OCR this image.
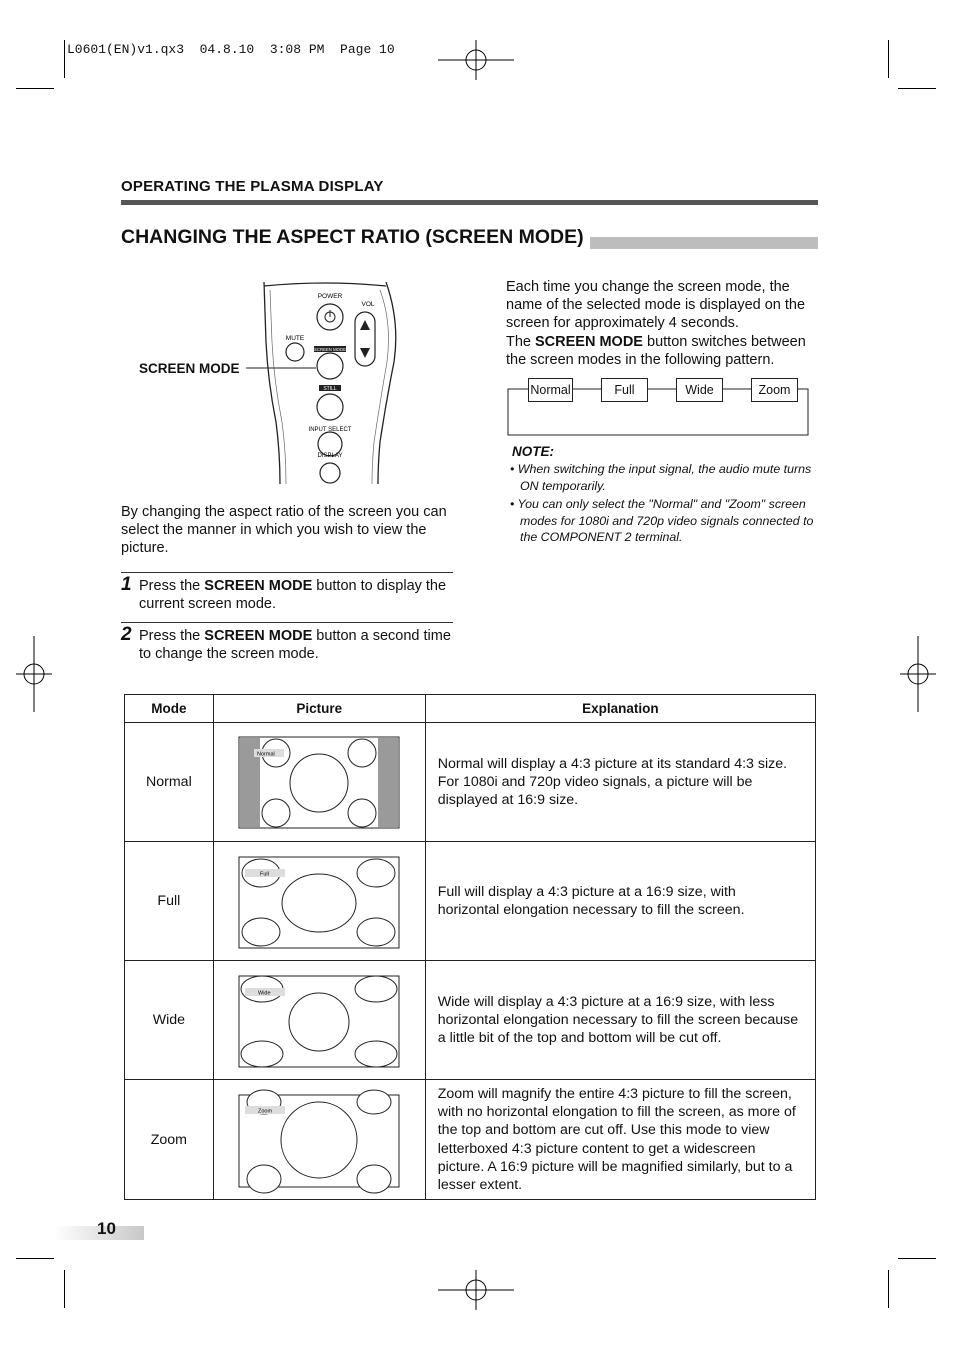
L0601(EN)v1.qx3  04.8.10  3:08 PM  Page 10
OPERATING THE PLASMA DISPLAY
CHANGING THE ASPECT RATIO (SCREEN MODE)
POWER
VOL
MUTE
SCREEN MODE
STILL
INPUT SELECT
DISPLAY
SCREEN MODE
By changing the aspect ratio of the screen you can select the manner in which you wish to view the picture.
1 Press the SCREEN MODE button to display the current screen mode.
2 Press the SCREEN MODE button a second time to change the screen mode.
Each time you change the screen mode, the name of the selected mode is displayed on the screen for approximately 4 seconds.
The SCREEN MODE button switches between the screen modes in the following pattern.
Normal	Full	Wide	Zoom
NOTE:
• When switching the input signal, the audio mute turns ON temporarily.
• You can only select the "Normal" and "Zoom" screen modes for 1080i and 720p video signals connected to the COMPONENT 2 terminal.
Mode	Picture	Explanation
Normal	Normal	Normal will display a 4:3 picture at its standard 4:3 size. For 1080i and 720p video signals, a picture will be displayed at 16:9 size.
Full	Full	Full will display a 4:3 picture at a 16:9 size, with horizontal elongation necessary to fill the screen.
Wide	Wide	Wide will display a 4:3 picture at a 16:9 size, with less horizontal elongation necessary to fill the screen because a little bit of the top and bottom will be cut off.
Zoom	Zoom	Zoom will magnify the entire 4:3 picture to fill the screen, with no horizontal elongation to fill the screen, as more of the top and bottom are cut off. Use this mode to view letterboxed 4:3 picture content to get a widescreen picture. A 16:9 picture will be magnified similarly, but to a lesser extent.
10
